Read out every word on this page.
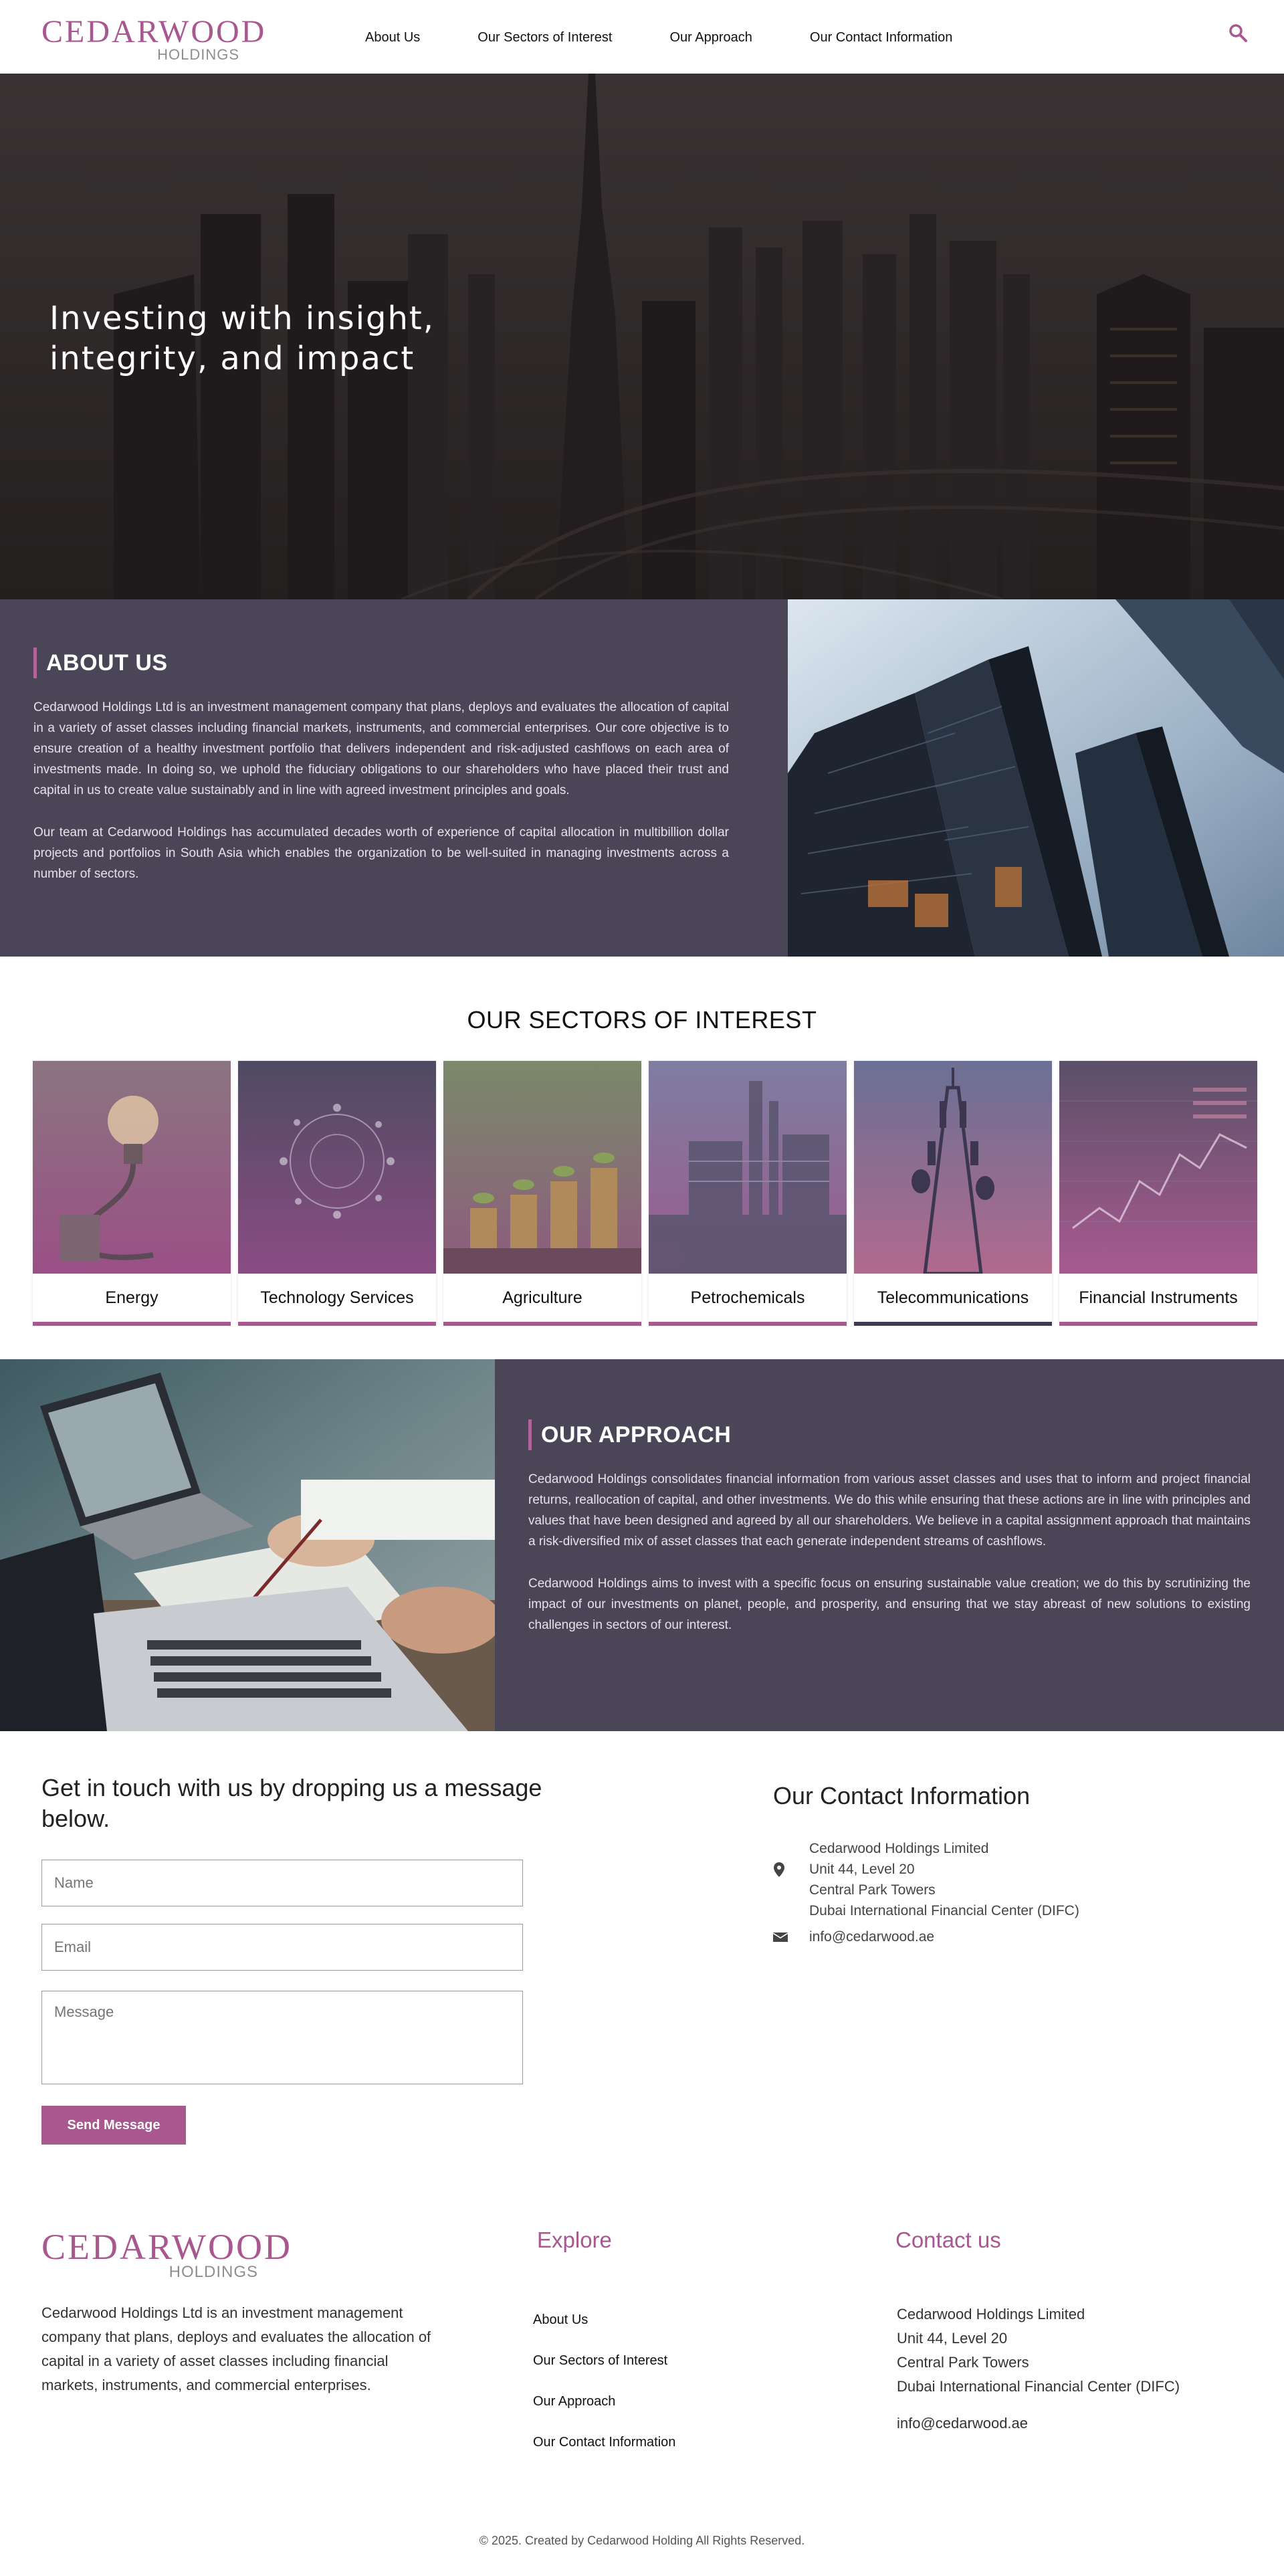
CEDARWOOD
HOLDINGS
About Us	Our Sectors of Interest	Our Approach	Our Contact Information
Investing with insight,
integrity, and impact
ABOUT US

Cedarwood Holdings Ltd is an investment management company that plans, deploys and evaluates the allocation of capital in a variety of asset classes including financial markets, instruments, and commercial enterprises. Our core objective is to ensure creation of a healthy investment portfolio that delivers independent and risk-adjusted cashflows on each area of investments made. In doing so, we uphold the fiduciary obligations to our shareholders who have placed their trust and capital in us to create value sustainably and in line with agreed investment principles and goals.

Our team at Cedarwood Holdings has accumulated decades worth of experience of capital allocation in multibillion dollar projects and portfolios in South Asia which enables the organization to be well-suited in managing investments across a number of sectors.

OUR SECTORS OF INTEREST
Energy	Technology Services	Agriculture	Petrochemicals	Telecommunications	Financial Instruments
OUR APPROACH

Cedarwood Holdings consolidates financial information from various asset classes and uses that to inform and project financial returns, reallocation of capital, and other investments. We do this while ensuring that these actions are in line with principles and values that have been designed and agreed by all our shareholders. We believe in a capital assignment approach that maintains a risk-diversified mix of asset classes that each generate independent streams of cashflows.

Cedarwood Holdings aims to invest with a specific focus on ensuring sustainable value creation; we do this by scrutinizing the impact of our investments on planet, people, and prosperity, and ensuring that we stay abreast of new solutions to existing challenges in sectors of our interest.

Get in touch with us by dropping us a message below.
Name
Email
Message
Send Message
Our Contact Information
Cedarwood Holdings Limited
Unit 44, Level 20
Central Park Towers
Dubai International Financial Center (DIFC)
info@cedarwood.ae
CEDARWOOD
HOLDINGS
Cedarwood Holdings Ltd is an investment management company that plans, deploys and evaluates the allocation of capital in a variety of asset classes including financial markets, instruments, and commercial enterprises.
Explore
About Us
Our Sectors of Interest
Our Approach
Our Contact Information
Contact us
Cedarwood Holdings Limited
Unit 44, Level 20
Central Park Towers
Dubai International Financial Center (DIFC)
info@cedarwood.ae
© 2025. Created by Cedarwood Holding All Rights Reserved.
